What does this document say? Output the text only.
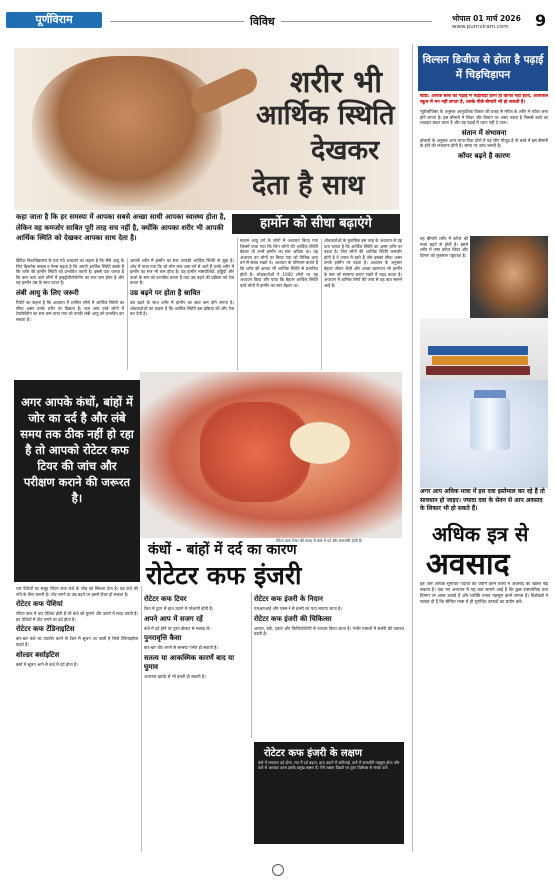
पूर्णविराम	विविध	भोपाल 01 मार्च 2026
www.purnviram.com 9
शरीर भी
आर्थिक स्थिति
देखकर
देता है साथ
हार्मोन को सीधा बढ़ाएंगे
कहा जाता है कि हर समस्या में आपका सबसे अच्छा साथी आपका स्वास्थ्य होता है, लेकिन वह कमजोर साबित पूरी तरह सच नहीं है, क्योंकि आपका शरीर भी आपकी आर्थिक स्थिति को देखकर आपका साथ देता है।

ब्रिटिश विश्वविद्यालय के एक नये अध्ययन का कहना है कि जैसे आयु के लिए बिजनेस क्लास व मेल्स बढ़ता है कि अपनी आर्थिक स्थिति उसके हैं कि शरीर की हार्मोन स्थिति को प्रभावित करती है। इससे पता चलता है कि कम आय वाले लोगों में हाइड्रोपीटोस्टेरोन का स्तर कम होता है और यह हार्मोन उम्र के साथ घटता है।

लंबी आयु के लिए जरूरी

रिपोर्ट का कहना है कि अध्ययन में शामिल लोगों में आर्थिक स्थिति का सीधा असर उनके शरीर पर दिखता है। कम आय वाले लोगों में टेस्टोस्टेरोन का स्तर कम पाया गया जो उनकी लंबी आयु को प्रभावित कर सकता है।

आपके शरीर में हार्मोन का स्तर आपकी आर्थिक स्थिति से जुड़ा है। शोध में पाया गया कि जो लोग कम आय वर्ग से आते हैं उनके शरीर में हार्मोन का स्तर भी कम होता है। यह हार्मोन मांसपेशियों, हड्डियों और ऊर्जा के स्तर को प्रभावित करता है तथा उम्र बढ़ने की प्रक्रिया को तेज करता है।

उम्र बढ़ने पर होता है स्रावित

उम्र बढ़ने के साथ शरीर में हार्मोन का स्राव कम होने लगता है। शोधकर्ताओं का कहना है कि आर्थिक स्थिति इस प्रक्रिया को और तेज कर देती है।

मध्यम आयु वर्ग के लोगों में अध्ययन किया गया जिसमें पाया गया कि जिन लोगों की आर्थिक स्थिति बेहतर थी उनमें हार्मोन का स्तर अधिक था। यह अध्ययन उन लोगों पर किया गया जो विभिन्न आय वर्ग से संबंध रखते थे। अध्ययन के परिणाम बताते हैं कि शरीर की क्षमता भी आर्थिक स्थिति से प्रभावित होती है। शोधकर्ताओं ने 1000 लोगों पर यह अध्ययन किया और पाया कि बेहतर आर्थिक स्थिति वाले लोगों में हार्मोन का स्तर बेहतर था।

शोधकर्ताओं के मुताबिक इस तरह के अध्ययन से यह पता चलता है कि आर्थिक स्थिति का असर शरीर पर पड़ता है। जिन लोगों की आर्थिक स्थिति कमजोर होती है वे तनाव में रहते हैं और इसका सीधा असर उनके हार्मोन पर पड़ता है। अध्ययन के अनुसार बेहतर जीवन शैली और अच्छा खानपान भी हार्मोन के स्तर को सामान्य बनाए रखने में मदद करता है। अध्ययन में शामिल लोगों की जांच से यह बात सामने आई है।

विल्सन डिजीज से होता है पढ़ाई में चिड़चिड़ापन

स्टडी: आपके बच्चे का पढ़ाई में चिड़चिड़ा होना ही काफी नहीं होता, आजकल स्कूल में मन नहीं लगता है, उसके पीछे बीमारी भी हो सकती है।

न्यूरोलॉजिस्ट के अनुसार आनुवंशिक विकार की वजह से मरीज के शरीर में कॉपर जमा होने लगता है। इस बीमारी में लिवर और दिमाग पर असर पड़ता है जिससे बच्चे का व्यवहार बदल जाता है और वह पढ़ाई में ध्यान नहीं दे पाता।

संतान में संभावना

डॉक्टरों के अनुसार अगर माता-पिता दोनों में यह जीन मौजूद है तो बच्चे में इस बीमारी के होने की संभावना होती है। समय पर जांच जरूरी है।

कॉपर बढ़ने है कारण

यह बीमारी शरीर में कॉपर की मात्रा बढ़ने से होती है। इसमें शरीर में जमा कॉपर लिवर और दिमाग को नुकसान पहुंचाता है।

अगर आप अधिक मात्रा में इस दवा इस्तेमाल कर रहे हैं तो सावधान हो जाइए। ज्यादा दवा के सेवन से आप अवसाद के शिकार भी हो सकते हैं।
अधिक इत्र से
अवसाद

इत्र और अधिक सुगंधित पदार्थों का प्रयोग करने वालों में अवसाद का खतरा बढ़ सकता है। एक नए अध्ययन में यह बात सामने आई है कि कुछ रासायनिक तत्व दिमाग पर असर डालते हैं और व्यक्ति तनाव महसूस करने लगता है। विशेषज्ञों ने सलाह दी है कि सीमित मात्रा में ही सुगंधित उत्पादों का प्रयोग करें।

अगर आपके कंधों, बांहों में जोर का दर्द है और लंबे समय तक ठीक नहीं हो रहा है तो आपको रोटेटर कफ टियर की जांच और परीक्षण कराने की जरूरत है।
रोटेटर कफ टियर की वजह से कंधे में दर्द और कमजोरी होती है।
कंधों - बांहों में दर्द का कारण
रोटेटर कफ इंजरी

चार पेशियों का समूह रोटेटर कफ कंधे के जोड़ को स्थिरता देता है। यह कंधे की गति के लिए जरूरी है। चोट लगने या उम्र बढ़ने पर इसमें टियर हो सकता है।

रोटेटर कफ पेशियां

रोटेटर कफ में चार पेशियां होती हैं जो कंधे को घुमाने और उठाने में मदद करती हैं। इन पेशियों में चोट लगने पर दर्द होता है।

रोटेटर कफ टेंडिनाइटिस

बार-बार कंधे का उपयोग करने से टेंडन में सूजन आ जाती है जिसे टेंडिनाइटिस कहते हैं।

शोल्डर बर्साइटिस

बर्सा में सूजन आने से कंधे में दर्द होता है।

रोटेटर कफ टियर

टेंडन में टूटन से हाथ उठाने में परेशानी होती है।

अपने आप में सजग रहें

कंधे में दर्द होने पर तुरंत डॉक्टर से सलाह लें।

पुनरावृत्ति कैसा

बार-बार चोट लगने से समस्या गंभीर हो सकती है।

सतत्य या आकस्मिक कारणें बाद या घुमाव

अचानक झटके से भी इंजरी हो सकती है।

रोटेटर कफ इंजरी के निदान

एमआरआई और एक्स-रे से इंजरी का पता लगाया जाता है।

रोटेटर कफ इंजरी की चिकित्सा

आराम, बर्फ, दवाएं और फिजियोथेरेपी से उपचार किया जाता है। गंभीर मामलों में सर्जरी की जरूरत पड़ती है।

रोटेटर कफ इंजरी के लक्षण
कंधे में लगातार दर्द होना, रात में दर्द बढ़ना, हाथ उठाने में कठिनाई, कंधे में कमजोरी महसूस होना और कंधे से आवाज आना इसके प्रमुख लक्षण हैं। ऐसे लक्षण दिखने पर तुरंत विशेषज्ञ से संपर्क करें।
